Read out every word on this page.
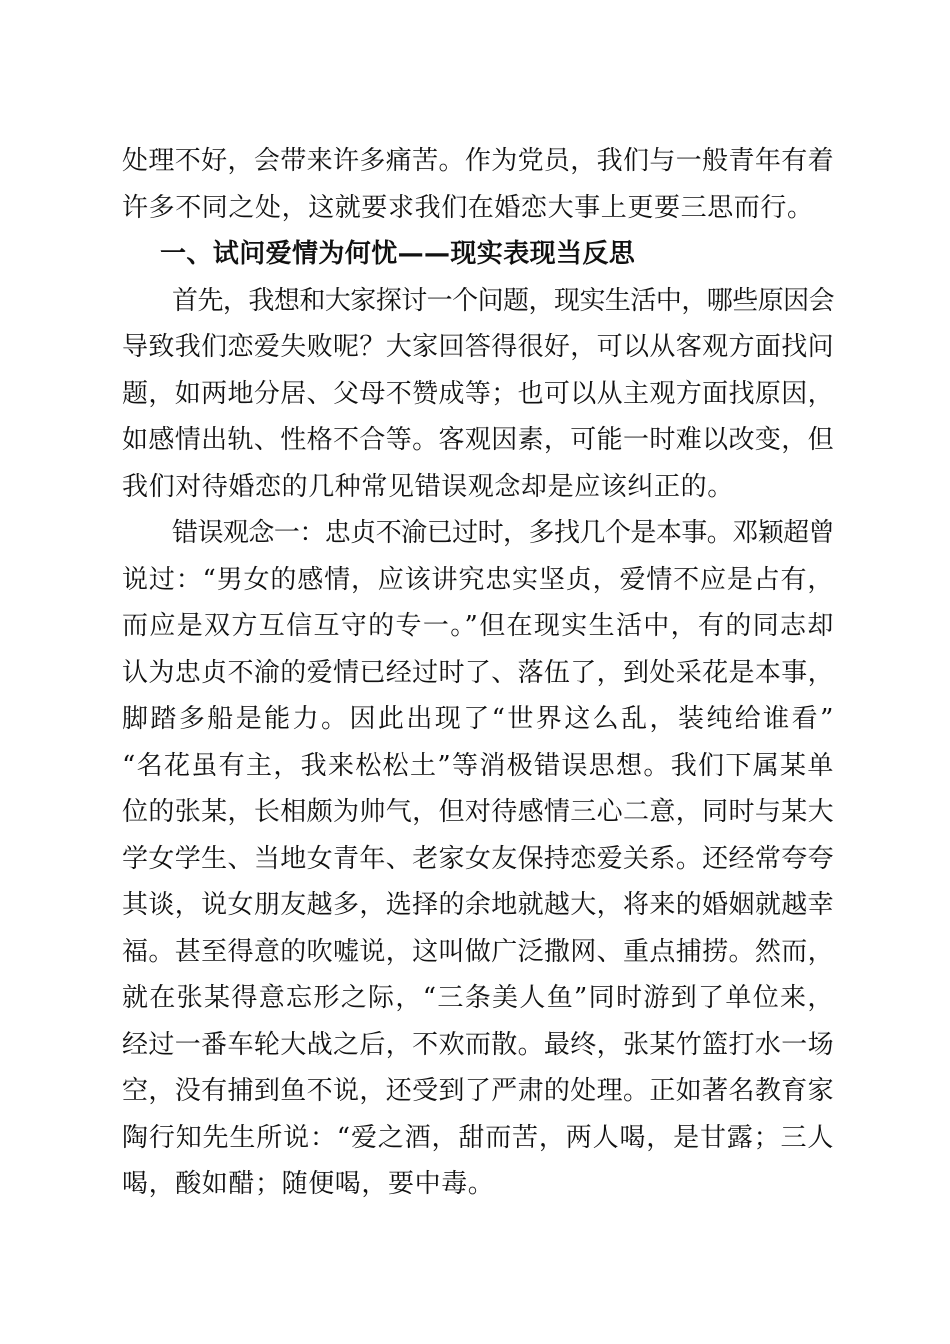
处理不好，会带来许多痛苦。作为党员，我们与一般青年有着
许多不同之处，这就要求我们在婚恋大事上更要三思而行。
一、试问爱情为何忧——现实表现当反思
首先，我想和大家探讨一个问题，现实生活中，哪些原因会
导致我们恋爱失败呢？大家回答得很好，可以从客观方面找问
题，如两地分居、父母不赞成等；也可以从主观方面找原因，
如感情出轨、性格不合等。客观因素，可能一时难以改变，但
我们对待婚恋的几种常见错误观念却是应该纠正的。
错误观念一：忠贞不渝已过时，多找几个是本事。邓颖超曾
说过：“男女的感情，应该讲究忠实坚贞，爱情不应是占有，
而应是双方互信互守的专一。”但在现实生活中，有的同志却
认为忠贞不渝的爱情已经过时了、落伍了，到处采花是本事，
脚踏多船是能力。因此出现了“世界这么乱，装纯给谁看”
“名花虽有主，我来松松土”等消极错误思想。我们下属某单
位的张某，长相颇为帅气，但对待感情三心二意，同时与某大
学女学生、当地女青年、老家女友保持恋爱关系。还经常夸夸
其谈，说女朋友越多，选择的余地就越大，将来的婚姻就越幸
福。甚至得意的吹嘘说，这叫做广泛撒网、重点捕捞。然而，
就在张某得意忘形之际，“三条美人鱼”同时游到了单位来，
经过一番车轮大战之后，不欢而散。最终，张某竹篮打水一场
空，没有捕到鱼不说，还受到了严肃的处理。正如著名教育家
陶行知先生所说：“爱之酒，甜而苦，两人喝，是甘露；三人
喝，酸如醋；随便喝，要中毒。
